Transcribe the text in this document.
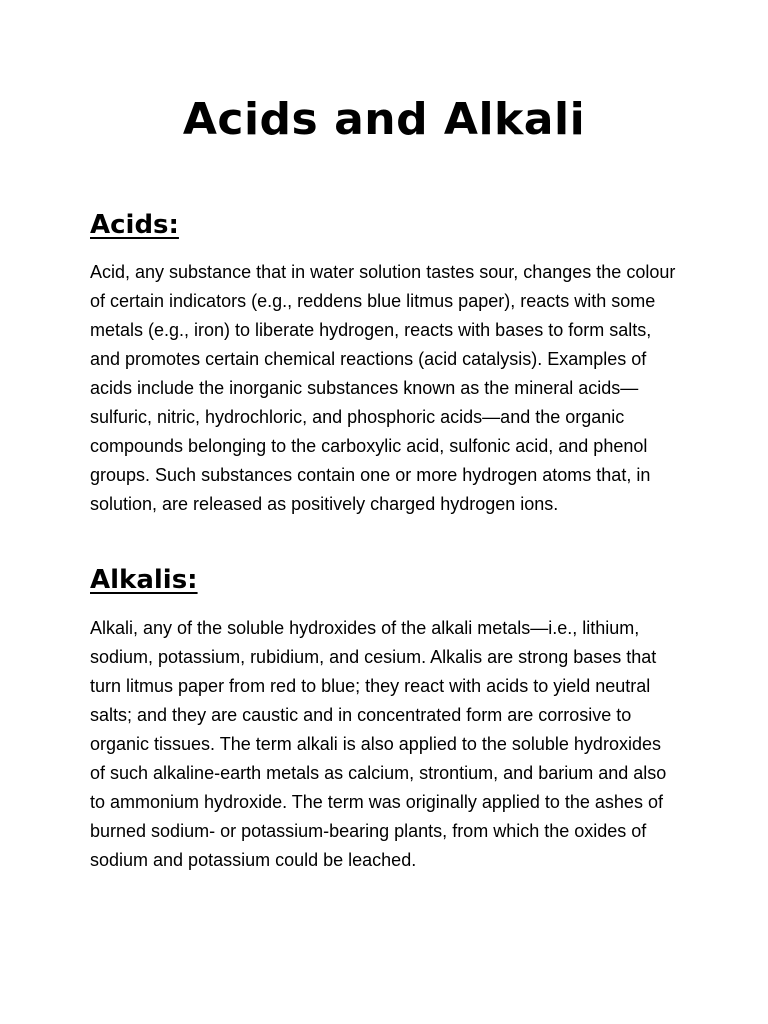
Acids and Alkali
Acids:

Acid, any substance that in water solution tastes sour, changes the colour of certain indicators (e.g., reddens blue litmus paper), reacts with some metals (e.g., iron) to liberate hydrogen, reacts with bases to form salts, and promotes certain chemical reactions (acid catalysis). Examples of acids include the inorganic substances known as the mineral acids—sulfuric, nitric, hydrochloric, and phosphoric acids—and the organic compounds belonging to the carboxylic acid, sulfonic acid, and phenol groups. Such substances contain one or more hydrogen atoms that, in solution, are released as positively charged hydrogen ions.

Alkalis:

Alkali, any of the soluble hydroxides of the alkali metals—i.e., lithium, sodium, potassium, rubidium, and cesium. Alkalis are strong bases that turn litmus paper from red to blue; they react with acids to yield neutral salts; and they are caustic and in concentrated form are corrosive to organic tissues. The term alkali is also applied to the soluble hydroxides of such alkaline-earth metals as calcium, strontium, and barium and also to ammonium hydroxide. The term was originally applied to the ashes of burned sodium- or potassium-bearing plants, from which the oxides of sodium and potassium could be leached.
